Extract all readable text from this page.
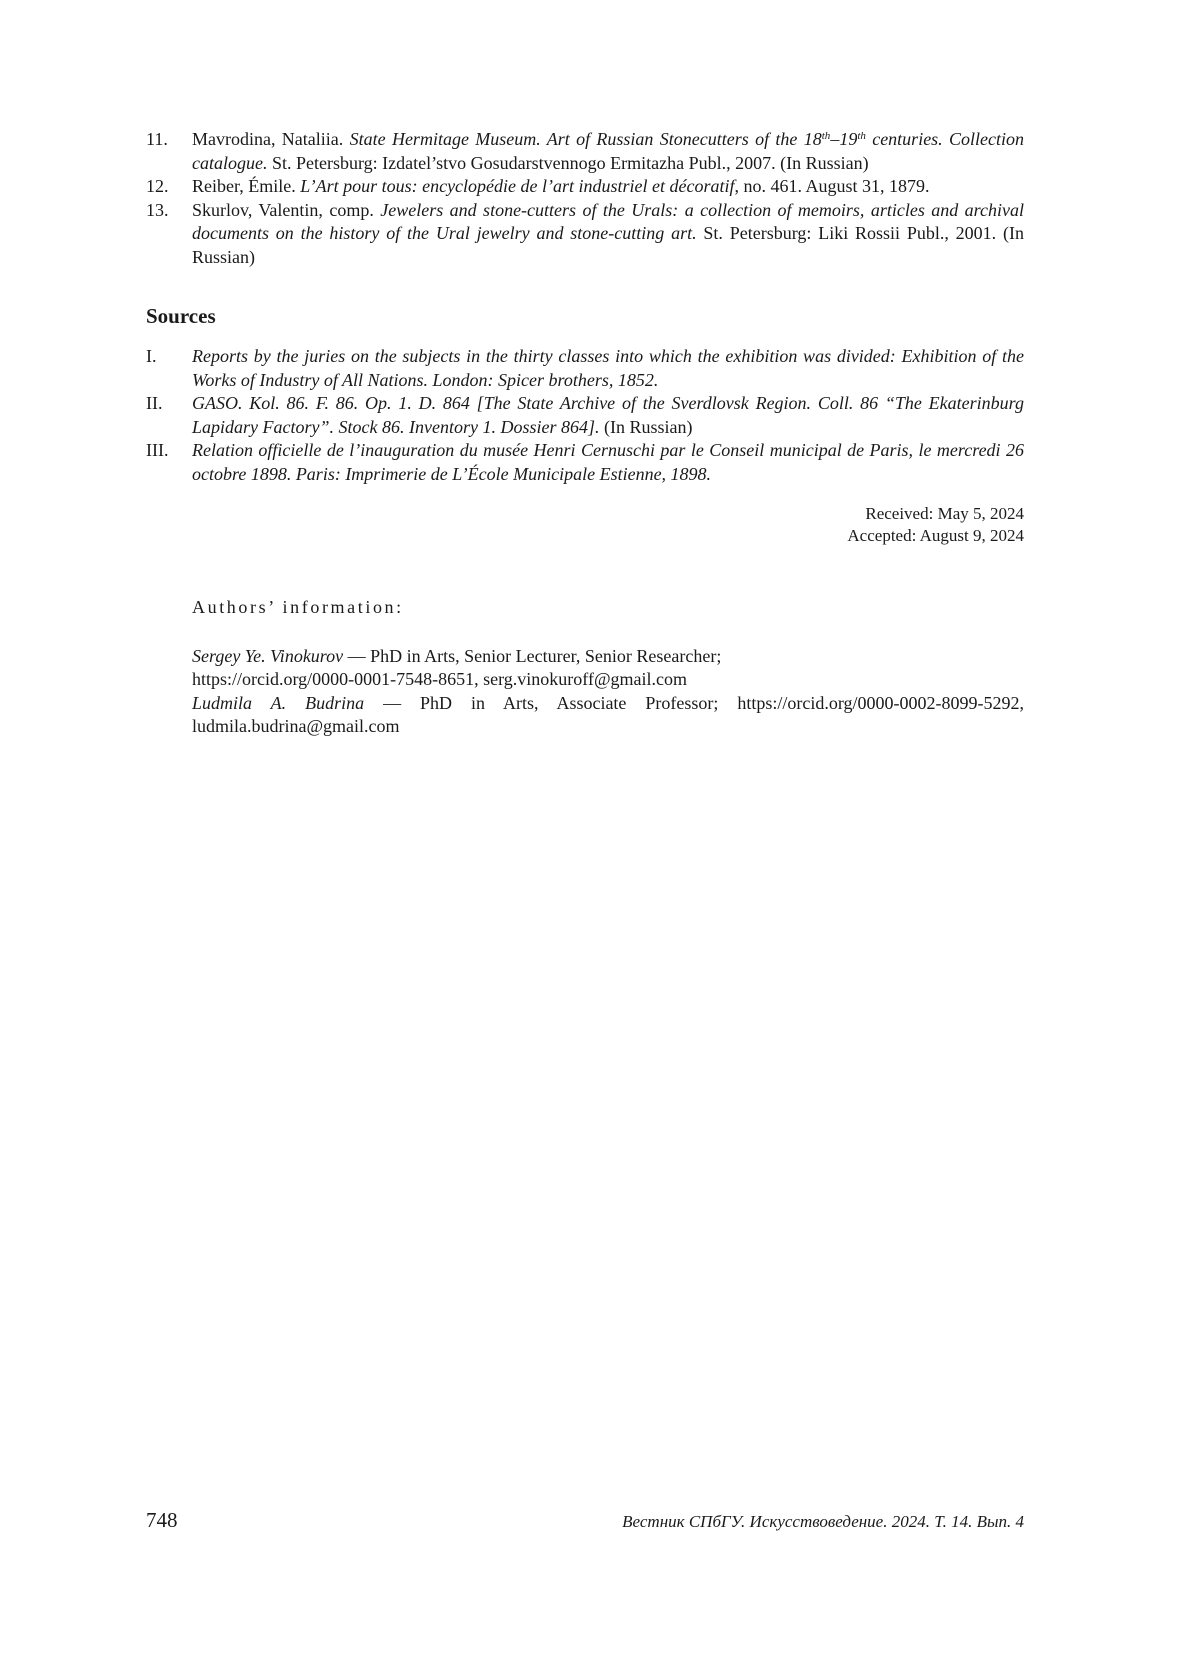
11.	Mavrodina, Nataliia. State Hermitage Museum. Art of Russian Stonecutters of the 18th–19th centuries. Collection catalogue. St. Petersburg: Izdatel’stvo Gosudarstvennogo Ermitazha Publ., 2007. (In Russian)
12.	Reiber, Émile. L’Art pour tous: encyclopédie de l’art industriel et décoratif, no. 461. August 31, 1879.
13.	Skurlov, Valentin, comp. Jewelers and stone-cutters of the Urals: a collection of memoirs, articles and archival documents on the history of the Ural jewelry and stone-cutting art. St. Petersburg: Liki Rossii Publ., 2001. (In Russian)
Sources
I.	Reports by the juries on the subjects in the thirty classes into which the exhibition was divided: Exhibition of the Works of Industry of All Nations. London: Spicer brothers, 1852.
II.	GASO. Kol. 86. F. 86. Op. 1. D. 864 [The State Archive of the Sverdlovsk Region. Coll. 86 “The Ekaterinburg Lapidary Factory”. Stock 86. Inventory 1. Dossier 864]. (In Russian)
III.	Relation officielle de l’inauguration du musée Henri Cernuschi par le Conseil municipal de Paris, le mercredi 26 octobre 1898. Paris: Imprimerie de L’École Municipale Estienne, 1898.
Received: May 5, 2024
Accepted: August 9, 2024
Authors’ information:
Sergey Ye. Vinokurov — PhD in Arts, Senior Lecturer, Senior Researcher;
https://orcid.org/0000-0001-7548-8651, serg.vinokuroff@gmail.com
Ludmila A. Budrina — PhD in Arts, Associate Professor; https://orcid.org/0000-0002-8099-5292, ludmila.budrina@gmail.com
748	Вестник СПбГУ. Искусствоведение. 2024. Т. 14. Вып. 4
